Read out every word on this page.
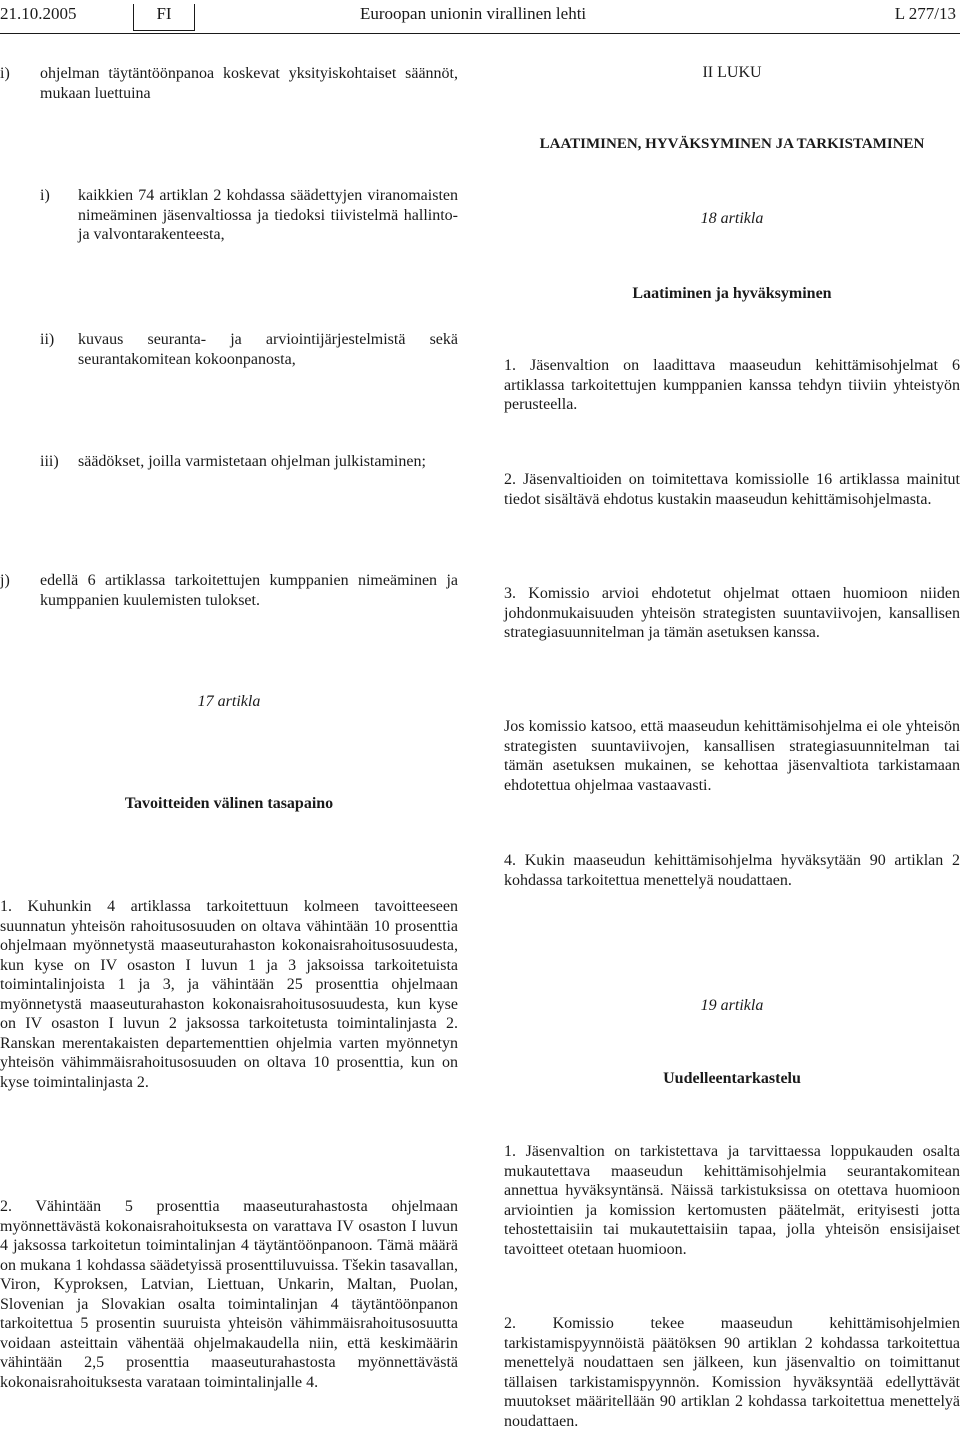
21.10.2005	FI	Euroopan unionin virallinen lehti	L 277/13
i)	ohjelman täytäntöönpanoa koskevat yksityiskohtaiset säännöt, mukaan luettuina
i)	kaikkien 74 artiklan 2 kohdassa säädettyjen viranomaisten nimeäminen jäsenvaltiossa ja tiedoksi tiivistelmä hallinto- ja valvontarakenteesta,
ii)	kuvaus seuranta- ja arviointijärjestelmistä sekä seurantakomitean kokoonpanosta,
iii)	säädökset, joilla varmistetaan ohjelman julkistaminen;
j)	edellä 6 artiklassa tarkoitettujen kumppanien nimeäminen ja kumppanien kuulemisten tulokset.
17 artikla
Tavoitteiden välinen tasapaino

1. Kuhunkin 4 artiklassa tarkoitettuun kolmeen tavoitteeseen suunnatun yhteisön rahoitusosuuden on oltava vähintään 10 prosenttia ohjelmaan myönnetystä maaseuturahaston kokonaisrahoitusosuudesta, kun kyse on IV osaston I luvun 1 ja 3 jaksoissa tarkoitetuista toimintalinjoista 1 ja 3, ja vähintään 25 prosenttia ohjelmaan myönnetystä maaseuturahaston kokonaisrahoitusosuudesta, kun kyse on IV osaston I luvun 2 jaksossa tarkoitetusta toimintalinjasta 2. Ranskan merentakaisten departementtien ohjelmia varten myönnetyn yhteisön vähimmäisrahoitusosuuden on oltava 10 prosenttia, kun on kyse toimintalinjasta 2.

2. Vähintään 5 prosenttia maaseuturahastosta ohjelmaan myönnettävästä kokonaisrahoituksesta on varattava IV osaston I luvun 4 jaksossa tarkoitetun toimintalinjan 4 täytäntöönpanoon. Tämä määrä on mukana 1 kohdassa säädetyissä prosenttiluvuissa. Tšekin tasavallan, Viron, Kyproksen, Latvian, Liettuan, Unkarin, Maltan, Puolan, Slovenian ja Slovakian osalta toimintalinjan 4 täytäntöönpanon tarkoitettua 5 prosentin suuruista yhteisön vähimmäisrahoitusosuutta voidaan asteittain vähentää ohjelmakaudella niin, että keskimäärin vähintään 2,5 prosenttia maaseuturahastosta myönnettävästä kokonaisrahoituksesta varataan toimintalinjalle 4.

II LUKU
LAATIMINEN, HYVÄKSYMINEN JA TARKISTAMINEN
18 artikla
Laatiminen ja hyväksyminen

1. Jäsenvaltion on laadittava maaseudun kehittämisohjelmat 6 artiklassa tarkoitettujen kumppanien kanssa tehdyn tiiviin yhteistyön perusteella.

2. Jäsenvaltioiden on toimitettava komissiolle 16 artiklassa mainitut tiedot sisältävä ehdotus kustakin maaseudun kehittämisohjelmasta.

3. Komissio arvioi ehdotetut ohjelmat ottaen huomioon niiden johdonmukaisuuden yhteisön strategisten suuntaviivojen, kansallisen strategiasuunnitelman ja tämän asetuksen kanssa.

Jos komissio katsoo, että maaseudun kehittämisohjelma ei ole yhteisön strategisten suuntaviivojen, kansallisen strategiasuunnitelman tai tämän asetuksen mukainen, se kehottaa jäsenvaltiota tarkistamaan ehdotettua ohjelmaa vastaavasti.

4. Kukin maaseudun kehittämisohjelma hyväksytään 90 artiklan 2 kohdassa tarkoitettua menettelyä noudattaen.

19 artikla
Uudelleentarkastelu

1. Jäsenvaltion on tarkistettava ja tarvittaessa loppukauden osalta mukautettava maaseudun kehittämisohjelmia seurantakomitean annettua hyväksyntänsä. Näissä tarkistuksissa on otettava huomioon arviointien ja komission kertomusten päätelmät, erityisesti jotta tehostettaisiin tai mukautettaisiin tapaa, jolla yhteisön ensisijaiset tavoitteet otetaan huomioon.

2. Komissio tekee maaseudun kehittämisohjelmien tarkistamispyynnöistä päätöksen 90 artiklan 2 kohdassa tarkoitettua menettelyä noudattaen sen jälkeen, kun jäsenvaltio on toimittanut tällaisen tarkistamispyynnön. Komission hyväksyntää edellyttävät muutokset määritellään 90 artiklan 2 kohdassa tarkoitettua menettelyä noudattaen.
